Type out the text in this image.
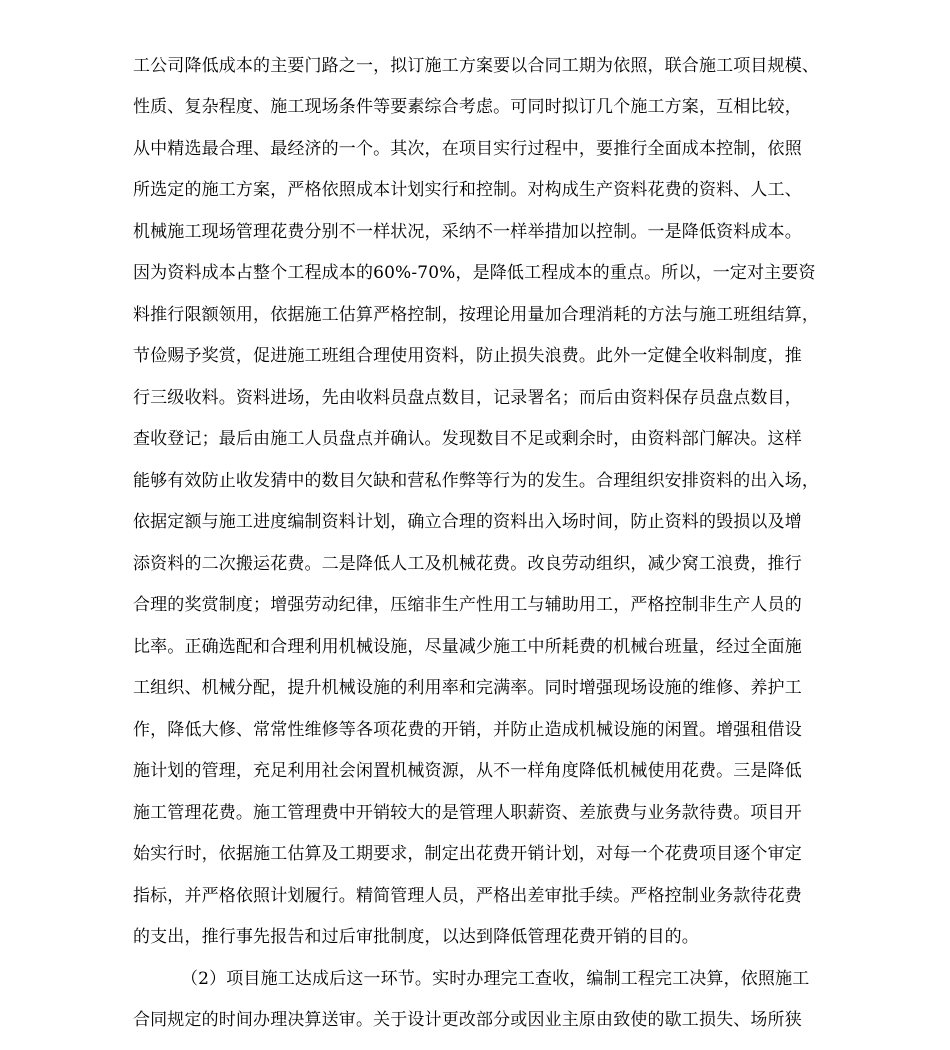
工公司降低成本的主要门路之一，拟订施工方案要以合同工期为依照，联合施工项目规模、
性质、复杂程度、施工现场条件等要素综合考虑。可同时拟订几个施工方案，互相比较，
从中精选最合理、最经济的一个。其次，在项目实行过程中，要推行全面成本控制，依照
所选定的施工方案，严格依照成本计划实行和控制。对构成生产资料花费的资料、人工、
机械施工现场管理花费分别不一样状况，采纳不一样举措加以控制。一是降低资料成本。
因为资料成本占整个工程成本的60%-70%，是降低工程成本的重点。所以，一定对主要资
料推行限额领用，依据施工估算严格控制，按理论用量加合理消耗的方法与施工班组结算，
节俭赐予奖赏，促进施工班组合理使用资料，防止损失浪费。此外一定健全收料制度，推
行三级收料。资料进场，先由收料员盘点数目，记录署名；而后由资料保存员盘点数目，
查收登记；最后由施工人员盘点并确认。发现数目不足或剩余时，由资料部门解决。这样
能够有效防止收发猜中的数目欠缺和营私作弊等行为的发生。合理组织安排资料的出入场，
依据定额与施工进度编制资料计划，确立合理的资料出入场时间，防止资料的毁损以及增
添资料的二次搬运花费。二是降低人工及机械花费。改良劳动组织，减少窝工浪费，推行
合理的奖赏制度；增强劳动纪律，压缩非生产性用工与辅助用工，严格控制非生产人员的
比率。正确选配和合理利用机械设施，尽量减少施工中所耗费的机械台班量，经过全面施
工组织、机械分配，提升机械设施的利用率和完满率。同时增强现场设施的维修、养护工
作，降低大修、常常性维修等各项花费的开销，并防止造成机械设施的闲置。增强租借设
施计划的管理，充足利用社会闲置机械资源，从不一样角度降低机械使用花费。三是降低
施工管理花费。施工管理费中开销较大的是管理人职薪资、差旅费与业务款待费。项目开
始实行时，依据施工估算及工期要求，制定出花费开销计划，对每一个花费项目逐个审定
指标，并严格依照计划履行。精简管理人员，严格出差审批手续。严格控制业务款待花费
的支出，推行事先报告和过后审批制度，以达到降低管理花费开销的目的。
（2）项目施工达成后这一环节。实时办理完工查收，编制工程完工决算，依照施工
合同规定的时间办理决算送审。关于设计更改部分或因业主原由致使的歇工损失、场所狭
